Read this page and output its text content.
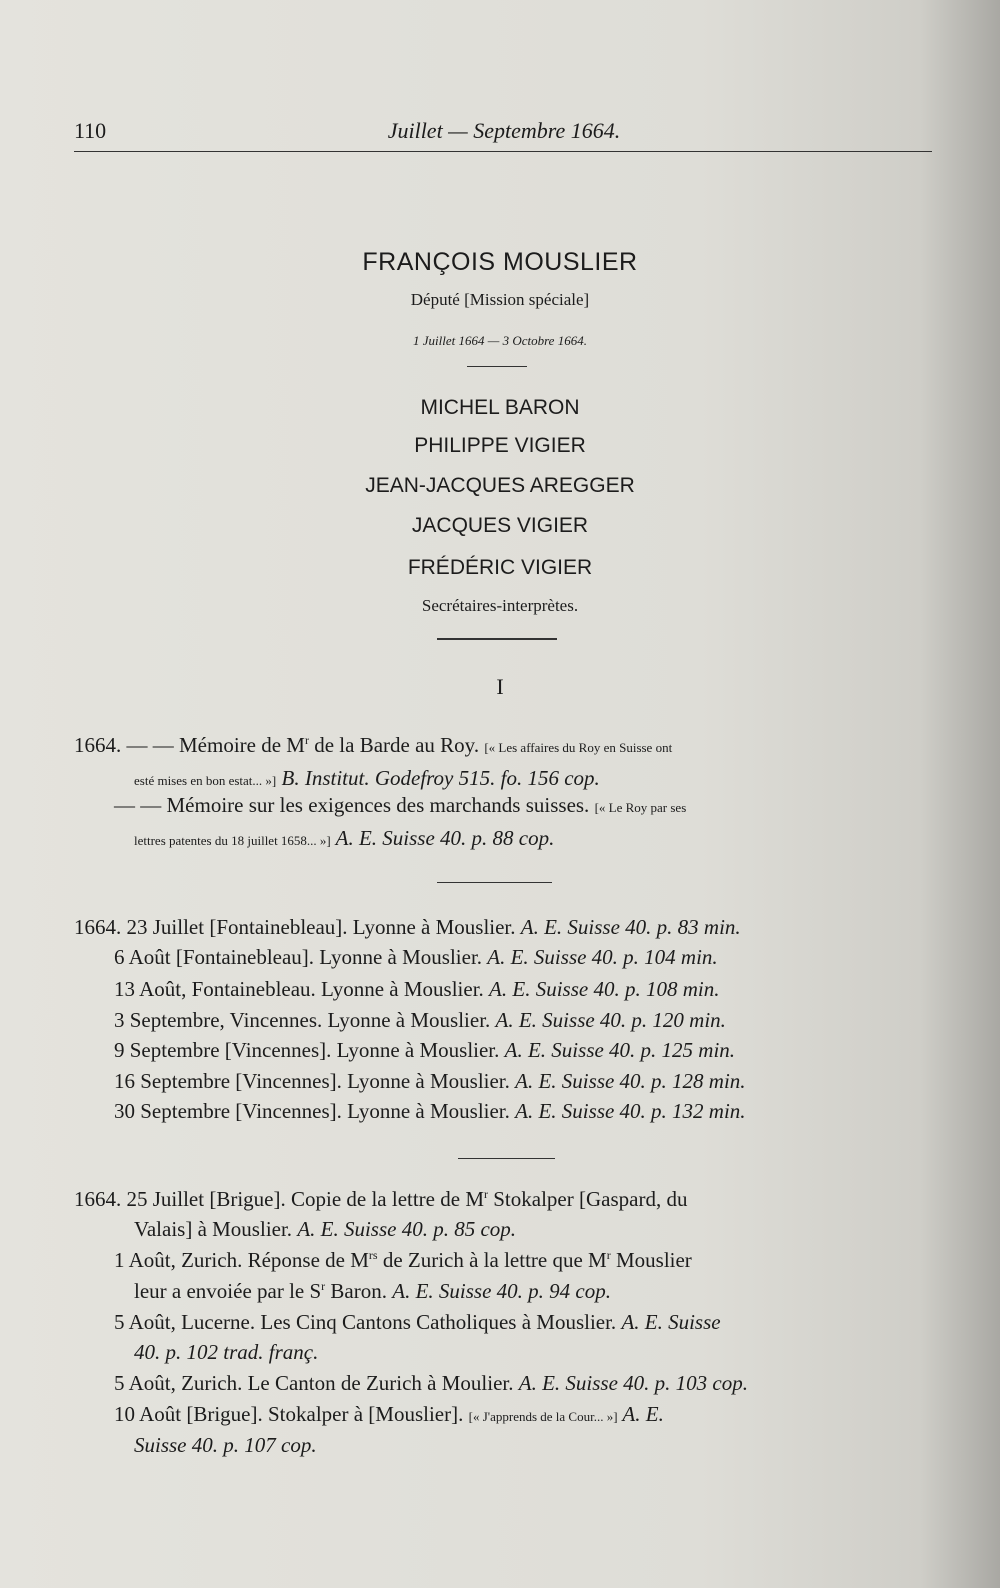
110	Juillet — Septembre 1664.
FRANÇOIS MOUSLIER
Député [Mission spéciale]
1 Juillet 1664 — 3 Octobre 1664.
MICHEL BARON
PHILIPPE VIGIER
JEAN-JACQUES AREGGER
JACQUES VIGIER
FRÉDÉRIC VIGIER
Secrétaires-interprètes.
I
1664. — — Mémoire de $M^r$ de la Barde au Roy. [« Les affaires du Roy en Suisse ont
esté mises en bon estat... »] B. Institut. Godefroy 515. fo. 156 cop.
— — Mémoire sur les exigences des marchands suisses. [« Le Roy par ses
lettres patentes du 18 juillet 1658... »] A. E. Suisse 40. p. 88 cop.
1664. 23 Juillet [Fontainebleau]. Lyonne à Mouslier. A. E. Suisse 40. p. 83 min.
6 Août [Fontainebleau]. Lyonne à Mouslier. A. E. Suisse 40. p. 104 min.
13 Août, Fontainebleau. Lyonne à Mouslier. A. E. Suisse 40. p. 108 min.
3 Septembre, Vincennes. Lyonne à Mouslier. A. E. Suisse 40. p. 120 min.
9 Septembre [Vincennes]. Lyonne à Mouslier. A. E. Suisse 40. p. 125 min.
16 Septembre [Vincennes]. Lyonne à Mouslier. A. E. Suisse 40. p. 128 min.
30 Septembre [Vincennes]. Lyonne à Mouslier. A. E. Suisse 40. p. 132 min.
1664. 25 Juillet [Brigue]. Copie de la lettre de $M^r$ Stokalper [Gaspard, du
Valais] à Mouslier. A. E. Suisse 40. p. 85 cop.
1 Août, Zurich. Réponse de $M^{rs}$ de Zurich à la lettre que $M^r$ Mouslier
leur a envoiée par le $S^r$ Baron. A. E. Suisse 40. p. 94 cop.
5 Août, Lucerne. Les Cinq Cantons Catholiques à Mouslier. A. E. Suisse
40. p. 102 trad. franç.
5 Août, Zurich. Le Canton de Zurich à Moulier. A. E. Suisse 40. p. 103 cop.
10 Août [Brigue]. Stokalper à [Mouslier]. [« J'apprends de la Cour... »] A. E.
Suisse 40. p. 107 cop.
